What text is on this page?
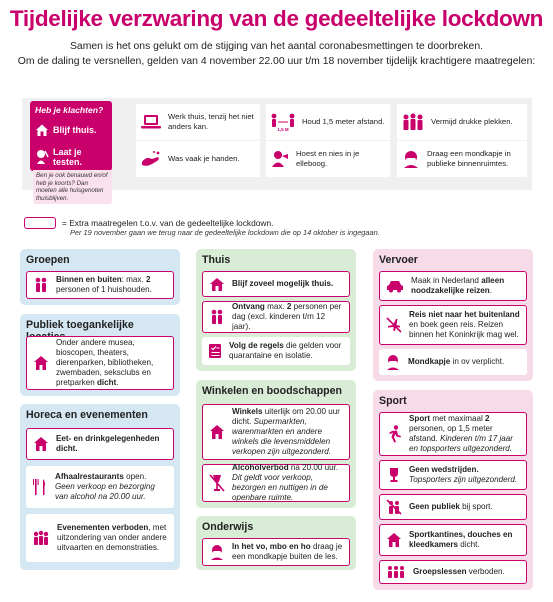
Tijdelijke verzwaring van de gedeeltelijke lockdown
Samen is het ons gelukt om de stijging van het aantal coronabesmettingen te doorbreken.
Om de daling te versnellen, gelden van 4 november 22.00 uur t/m 18 november tijdelijk krachtigere maatregelen:
Heb je klachten?
Blijf thuis.
Laat je testen.
Ben je ook benauwd en/of heb je koorts? Dan moeten alle huisgenoten thuisblijven.
Werk thuis, tenzij het niet anders kan.	1,5 M
Houd 1,5 meter afstand.	Vermijd drukke plekken.
Was vaak je handen.
Hoest en nies in je elleboog.
Draag een mondkapje in publieke binnenruimtes.
= Extra maatregelen t.o.v. van de gedeeltelijke lockdown.
Per 19 november gaan we terug naar de gedeeltelijke lockdown die op 14 oktober is ingegaan.
Groepen
Binnen en buiten: max. 2 personen of 1 huishouden.
Publiek toegankelijke
Onder andere musea, bioscopen, theaters, dierenparken, bibliotheken, zwembaden, seksclubs en pretparken dicht.
Horeca en evenementen
Eet- en drinkgelegenheden dicht.
Afhaalrestaurants open.
Geen verkoop en bezorging van alcohol na 20.00 uur.
Evenementen verboden, met uitzondering van onder andere uitvaarten en demonstraties.
Thuis
Blijf zoveel mogelijk thuis.
Ontvang max. 2 personen per dag (excl. kinderen t/m 12 jaar).
Volg de regels die gelden voor quarantaine en isolatie.
Winkelen en boodschappen
Winkels uiterlijk om 20.00 uur dicht. Supermarkten, warenmarkten en andere winkels die levensmiddelen verkopen zijn uitgezonderd.
Alcoholverbod na 20.00 uur.
Dit geldt voor verkoop, bezorgen en nuttigen in de openbare ruimte.
Onderwijs
In het vo, mbo en ho draag je een mondkapje buiten de les.
Vervoer
Maak in Nederland alleen noodzakelijke reizen.
Reis niet naar het buitenland en boek geen reis. Reizen binnen het Koninkrijk mag wel.
Mondkapje in ov verplicht.
Sport
Sport met maximaal 2 personen, op 1,5 meter afstand. Kinderen t/m 17 jaar en topsporters uitgezonderd.
Geen wedstrijden. Topsporters zijn uitgezonderd.
Geen publiek bij sport.
Sportkantines, douches en kleedkamers dicht.
Groepslessen verboden.
